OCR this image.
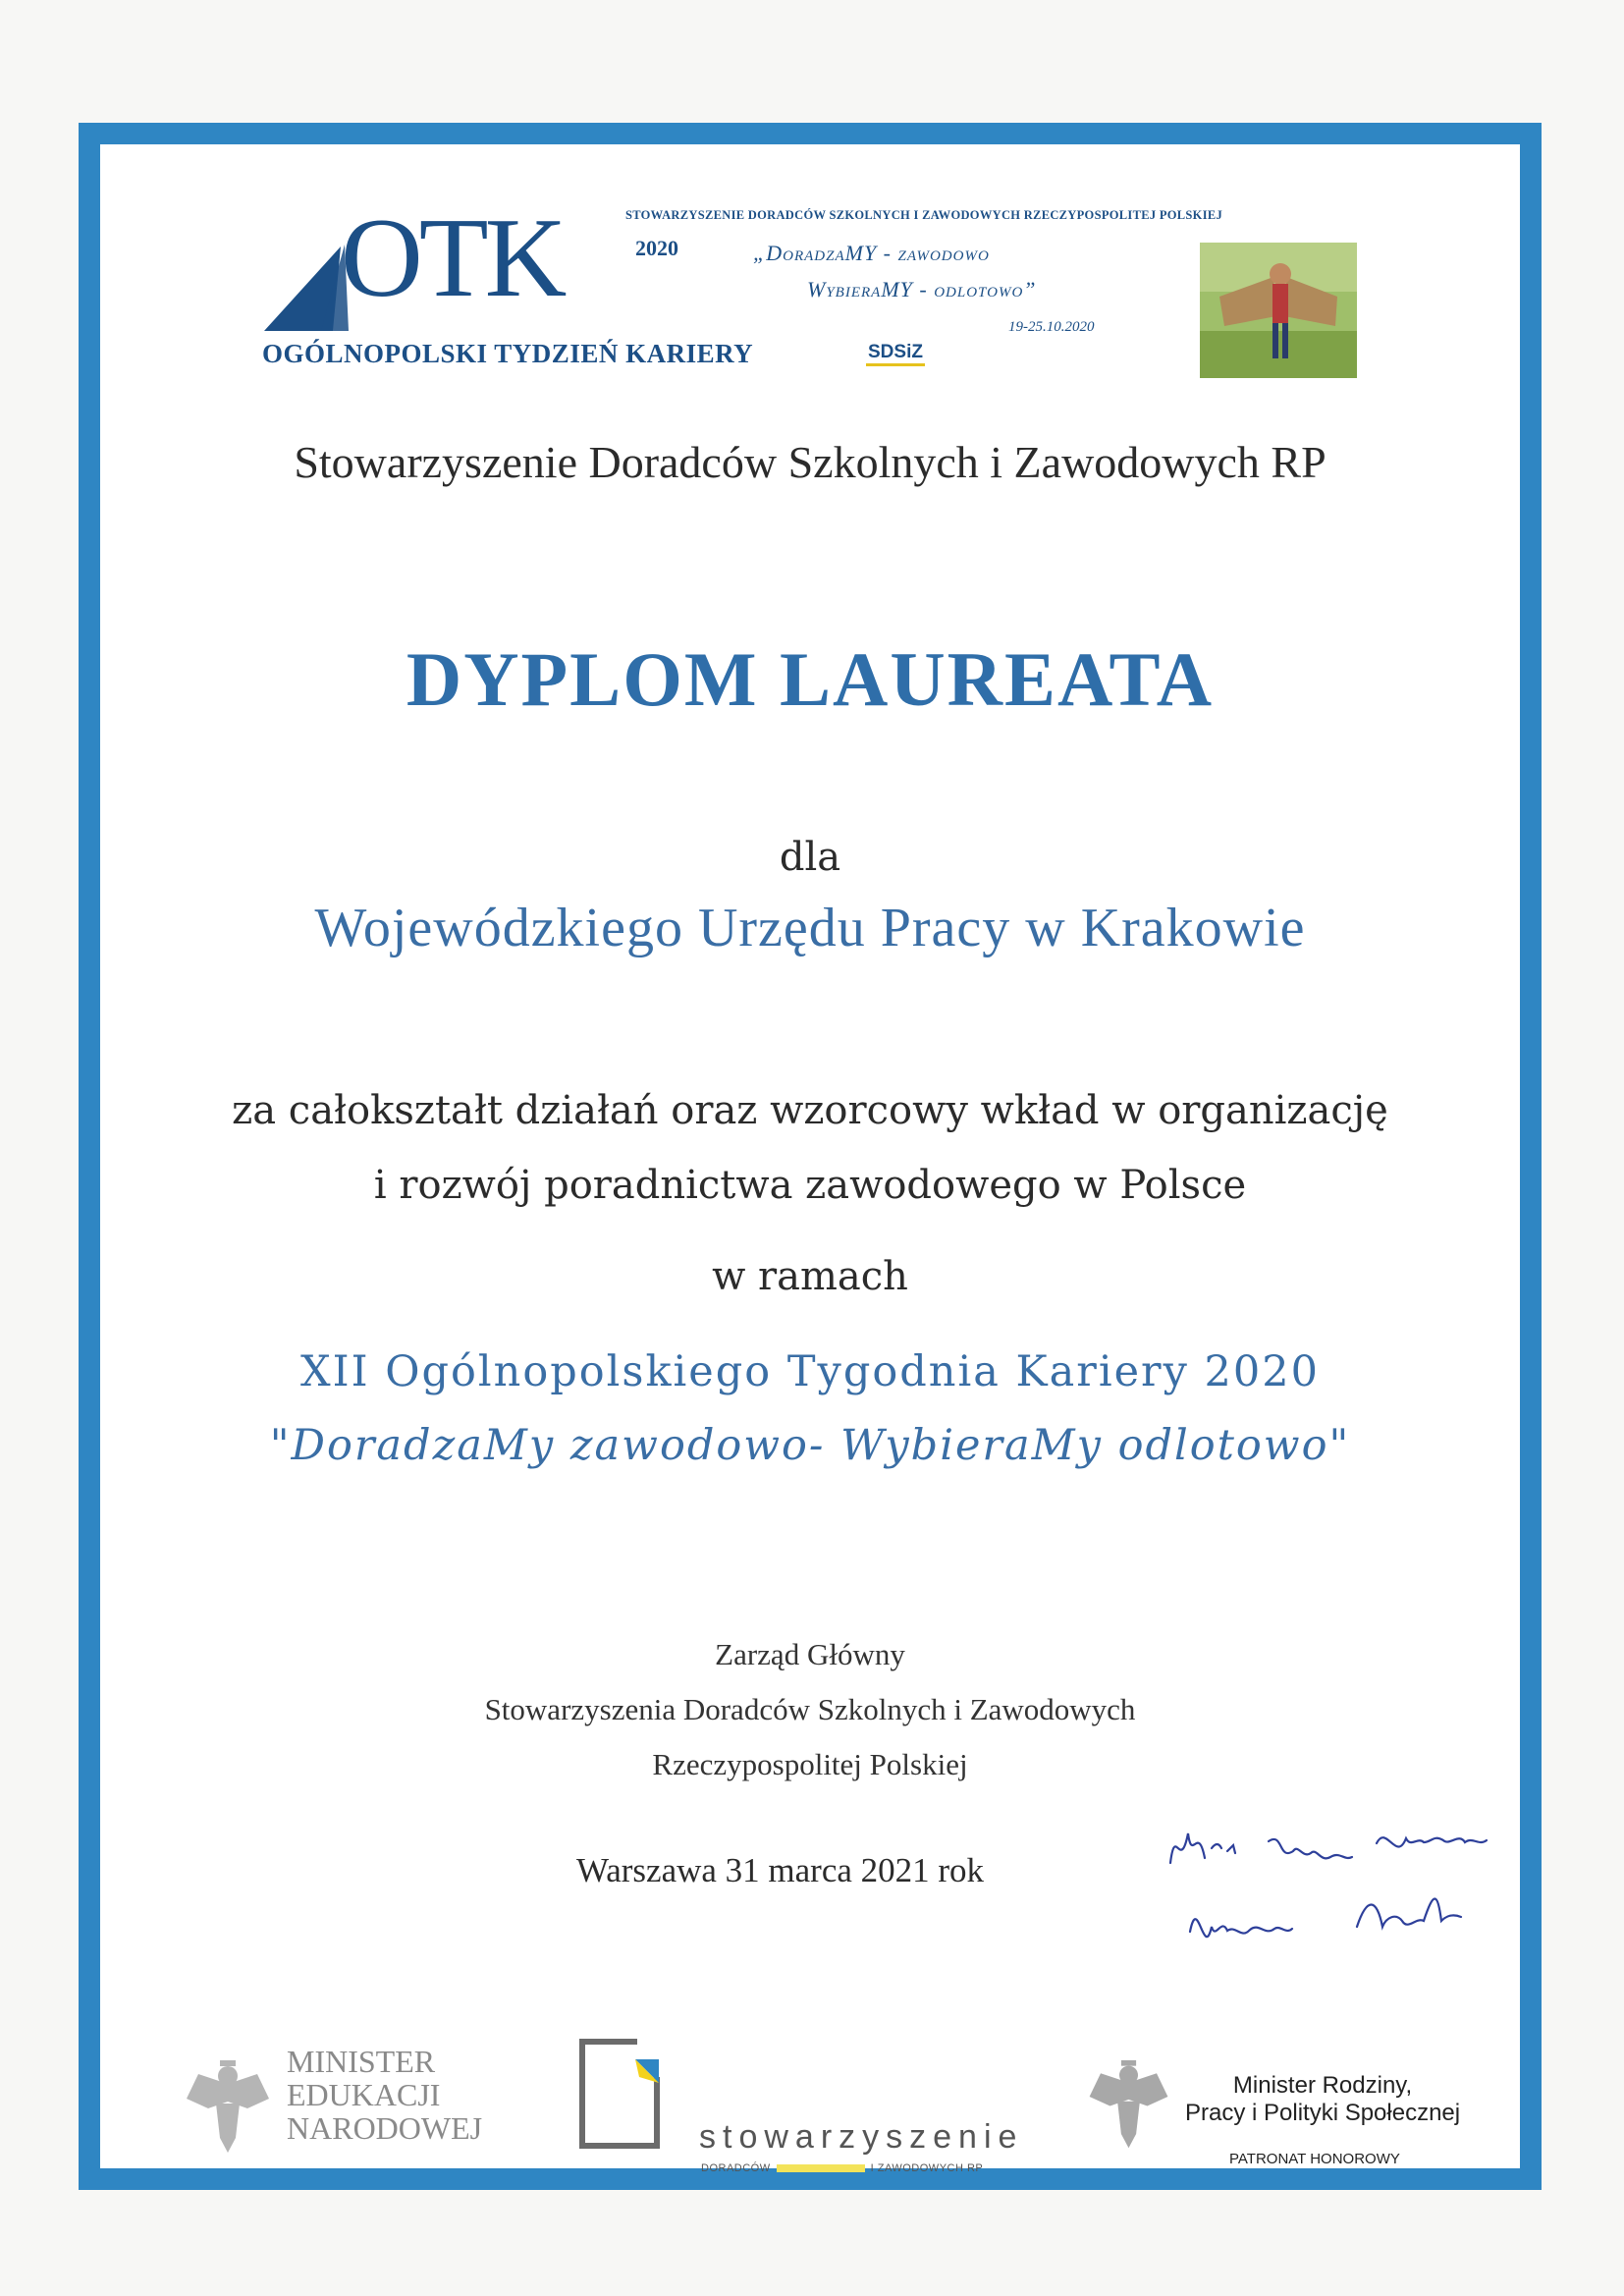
STOWARZYSZENIE DORADCÓW SZKOLNYCH I ZAWODOWYCH RZECZYPOSPOLITEJ POLSKIEJ
OTK	2020
OGÓLNOPOLSKI TYDZIEŃ KARIERY	SDSiZ
„DoradzaMY - zawodowo
WybieraMY - odlotowo”
19-25.10.2020
Stowarzyszenie Doradców Szkolnych i Zawodowych RP
DYPLOM LAUREATA
dla
Wojewódzkiego Urzędu Pracy w Krakowie
za całokształt działań oraz wzorcowy wkład w organizację
i rozwój poradnictwa zawodowego w Polsce
w ramach
XII Ogólnopolskiego Tygodnia Kariery 2020
"DoradzaMy zawodowo- WybieraMy odlotowo"
Zarząd Główny
Stowarzyszenia Doradców Szkolnych i Zawodowych
Rzeczypospolitej Polskiej
Warszawa 31 marca 2021 rok
MINISTER
EDUKACJI
NARODOWEJ	stowarzyszenie
DORADCÓW	I ZAWODOWYCH RP
Minister Rodziny,
Pracy i Polityki Społecznej
PATRONAT HONOROWY
